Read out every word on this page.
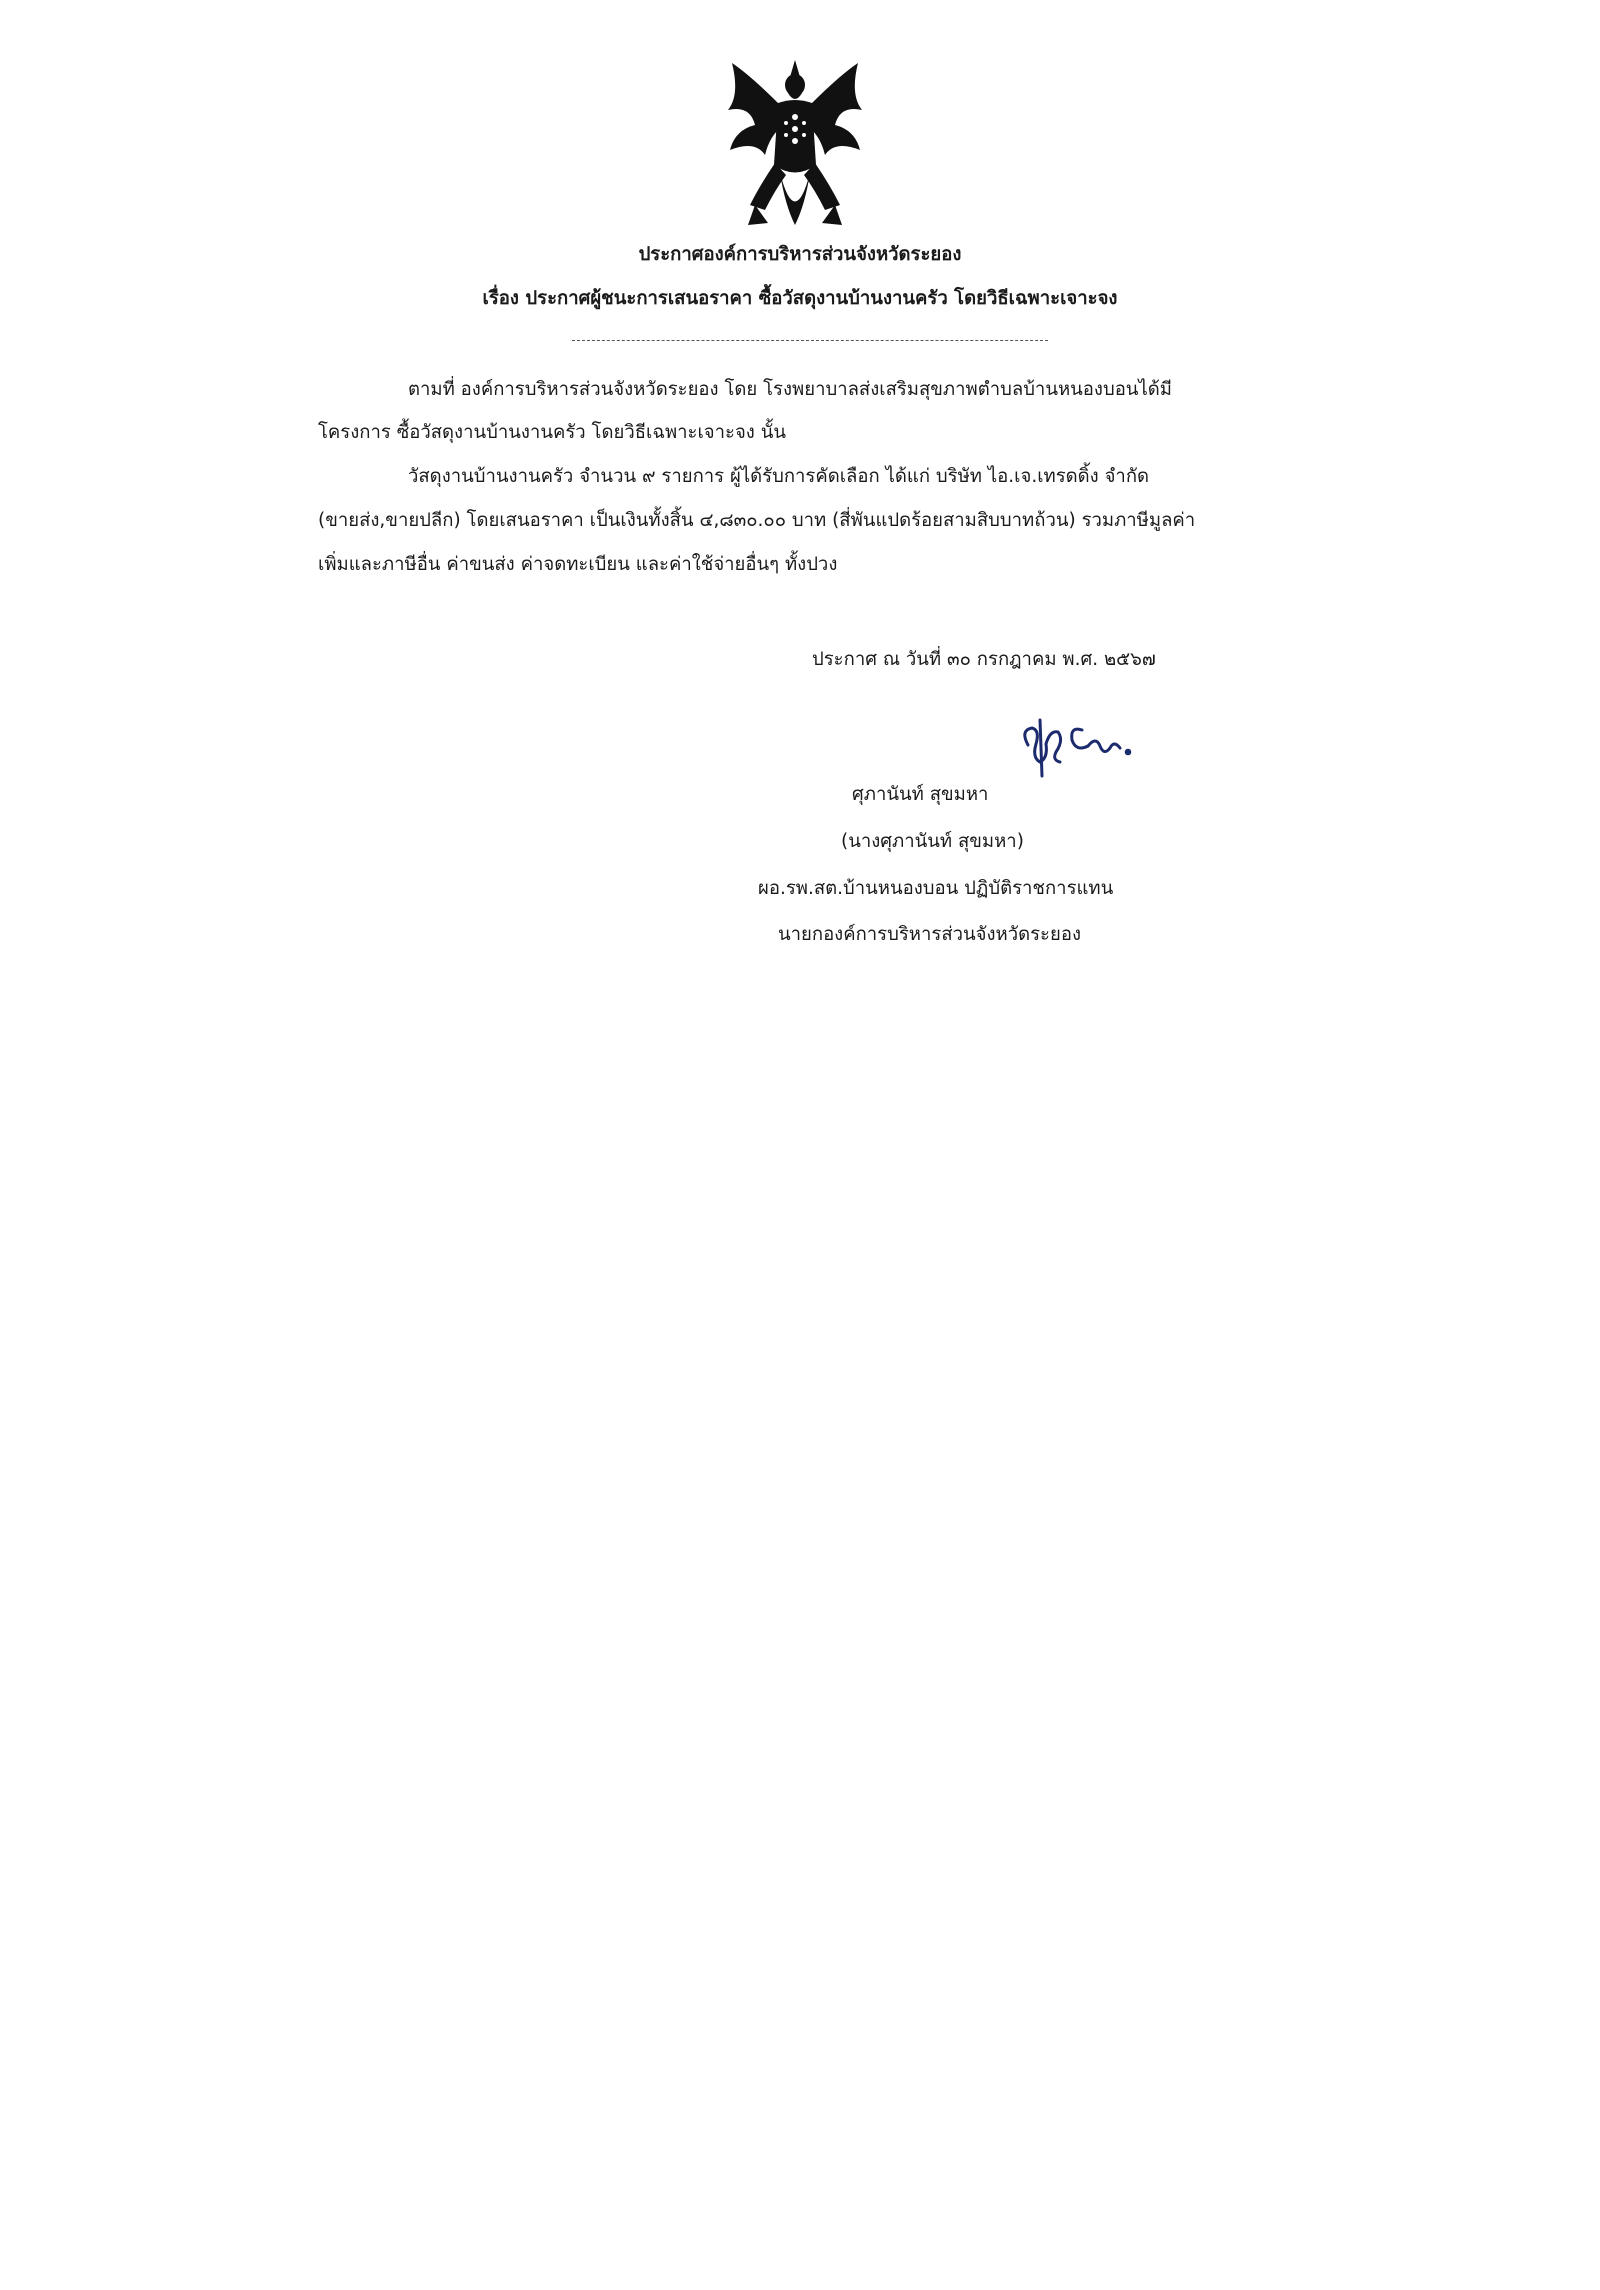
ประกาศองค์การบริหารส่วนจังหวัดระยอง
เรื่อง ประกาศผู้ชนะการเสนอราคา ซื้อวัสดุงานบ้านงานครัว โดยวิธีเฉพาะเจาะจง
ตามที่ องค์การบริหารส่วนจังหวัดระยอง โดย โรงพยาบาลส่งเสริมสุขภาพตำบลบ้านหนองบอนได้มี
โครงการ ซื้อวัสดุงานบ้านงานครัว โดยวิธีเฉพาะเจาะจง นั้น
วัสดุงานบ้านงานครัว จำนวน ๙ รายการ ผู้ได้รับการคัดเลือก ได้แก่ บริษัท ไอ.เจ.เทรดดิ้ง จำกัด
(ขายส่ง,ขายปลีก) โดยเสนอราคา เป็นเงินทั้งสิ้น ๔,๘๓๐.๐๐ บาท (สี่พันแปดร้อยสามสิบบาทถ้วน) รวมภาษีมูลค่า
เพิ่มและภาษีอื่น ค่าขนส่ง ค่าจดทะเบียน และค่าใช้จ่ายอื่นๆ ทั้งปวง
ประกาศ ณ วันที่ ๓๐ กรกฎาคม พ.ศ. ๒๕๖๗
ศุภานันท์ สุขมหา
(นางศุภานันท์ สุขมหา)
ผอ.รพ.สต.บ้านหนองบอน ปฏิบัติราชการแทน
นายกองค์การบริหารส่วนจังหวัดระยอง
